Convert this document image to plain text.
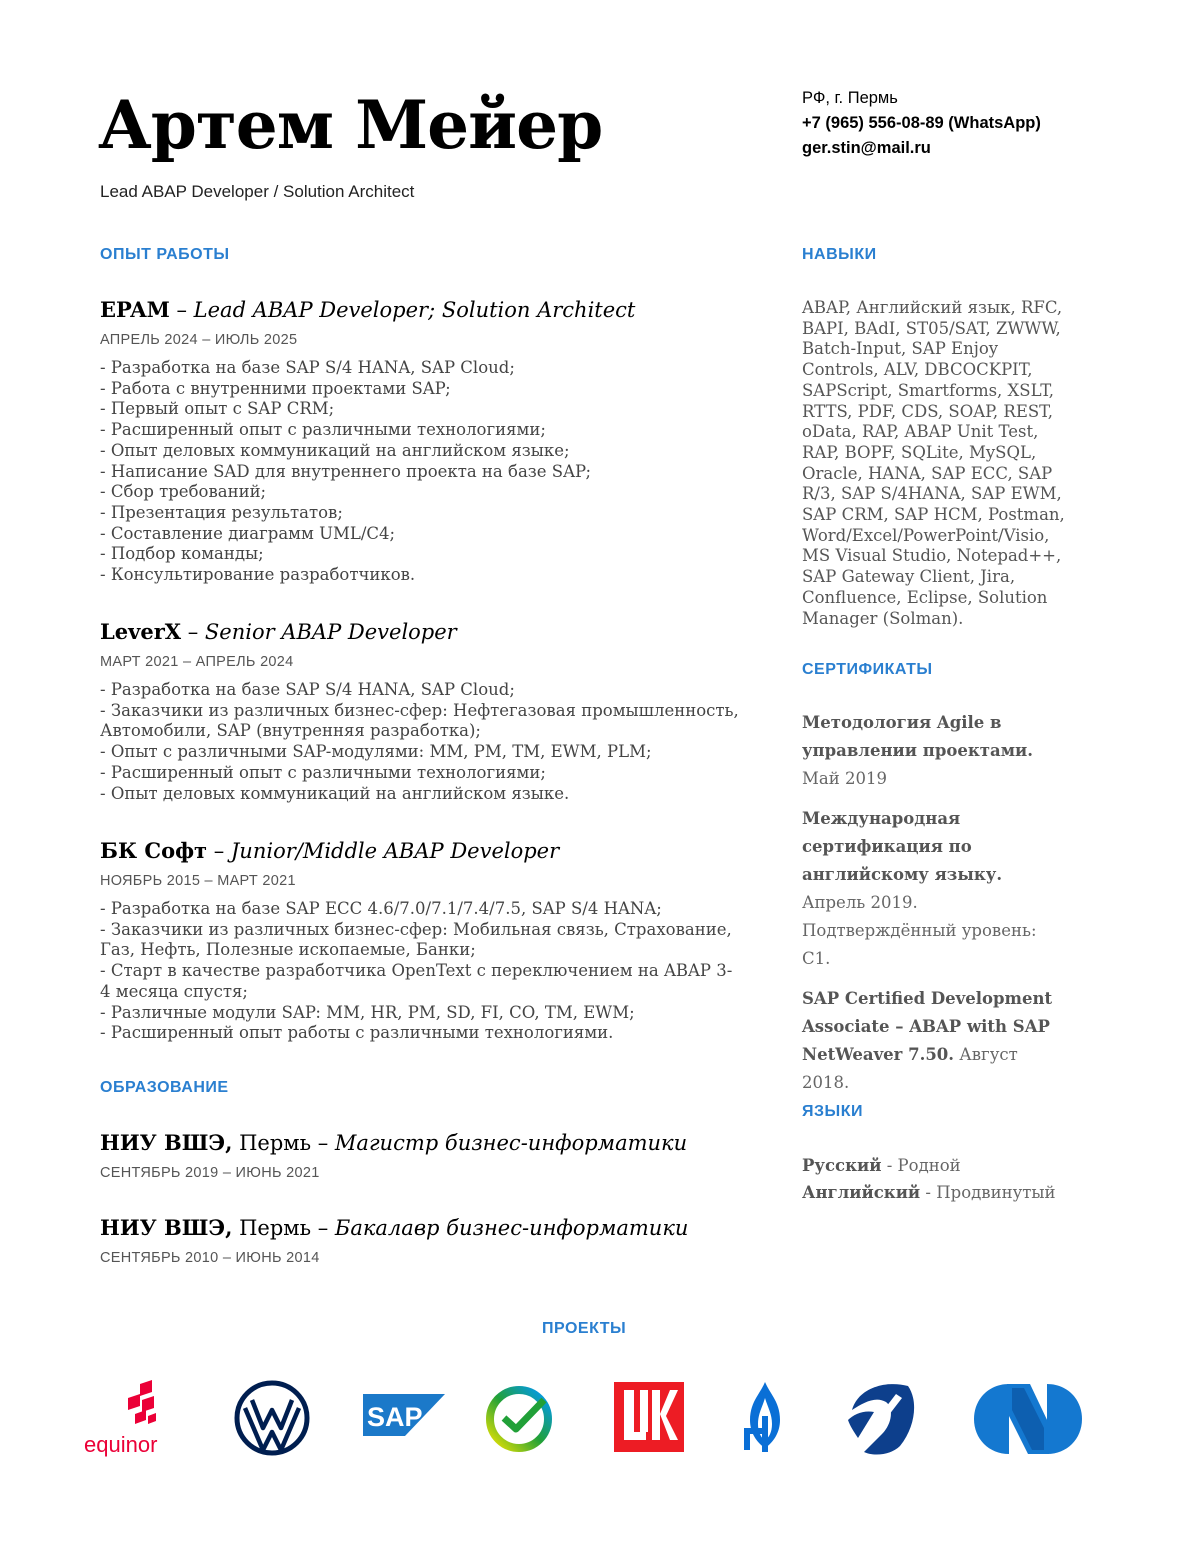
Артем Мейер
Lead ABAP Developer / Solution Architect
РФ, г. Пермь
+7 (965) 556-08-89 (WhatsApp)
ger.stin@mail.ru
ОПЫТ РАБОТЫ	НАВЫКИ
СЕРТИФИКАТЫ
ЯЗЫКИ
ОБРАЗОВАНИЕ
ПРОЕКТЫ
EPAM – Lead ABAP Developer; Solution Architect
АПРЕЛЬ 2024 – ИЮЛЬ 2025
- Разработка на базе SAP S/4 HANA, SAP Cloud;
- Работа с внутренними проектами SAP;
- Первый опыт с SAP CRM;
- Расширенный опыт с различными технологиями;
- Опыт деловых коммуникаций на английском языке;
- Написание SAD для внутреннего проекта на базе SAP;
- Сбор требований;
- Презентация результатов;
- Составление диаграмм UML/C4;
- Подбор команды;
- Консультирование разработчиков.
LeverX – Senior ABAP Developer
МАРТ 2021 – АПРЕЛЬ 2024
- Разработка на базе SAP S/4 HANA, SAP Cloud;
- Заказчики из различных бизнес-сфер: Нефтегазовая промышленность, Автомобили, SAP (внутренняя разработка);
- Опыт с различными SAP-модулями: MM, PM, TM, EWM, PLM;
- Расширенный опыт с различными технологиями;
- Опыт деловых коммуникаций на английском языке.
БК Софт – Junior/Middle ABAP Developer
НОЯБРЬ 2015 – МАРТ 2021
- Разработка на базе SAP ECC 4.6/7.0/7.1/7.4/7.5, SAP S/4 HANA;
- Заказчики из различных бизнес-сфер: Мобильная связь, Страхование, Газ, Нефть, Полезные ископаемые, Банки;
- Старт в качестве разработчика OpenText с переключением на ABAP 3-4 месяца спустя;
- Различные модули SAP: MM, HR, PM, SD, FI, CO, TM, EWM;
- Расширенный опыт работы с различными технологиями.
НИУ ВШЭ, Пермь – Магистр бизнес-информатики
СЕНТЯБРЬ 2019 – ИЮНЬ 2021
НИУ ВШЭ, Пермь – Бакалавр бизнес-информатики
СЕНТЯБРЬ 2010 – ИЮНЬ 2014
ABAP, Английский язык, RFC, BAPI, BAdI, ST05/SAT, ZWWW, Batch-Input, SAP Enjoy Controls, ALV, DBCOCKPIT, SAPScript, Smartforms, XSLT, RTTS, PDF, CDS, SOAP, REST, oData, RAP, ABAP Unit Test, RAP, BOPF, SQLite, MySQL, Oracle, HANA, SAP ECC, SAP R/3, SAP S/4HANA, SAP EWM, SAP CRM, SAP HCM, Postman, Word/Excel/PowerPoint/Visio, MS Visual Studio, Notepad++, SAP Gateway Client, Jira, Confluence, Eclipse, Solution Manager (Solman).
Методология Agile в управлении проектами. Май 2019
Международная сертификация по английскому языку. Апрель 2019. Подтверждённый уровень: C1.
SAP Certified Development Associate – ABAP with SAP NetWeaver 7.50. Август 2018.
Русский - Родной
Английский - Продвинутый
equinor
SAP
